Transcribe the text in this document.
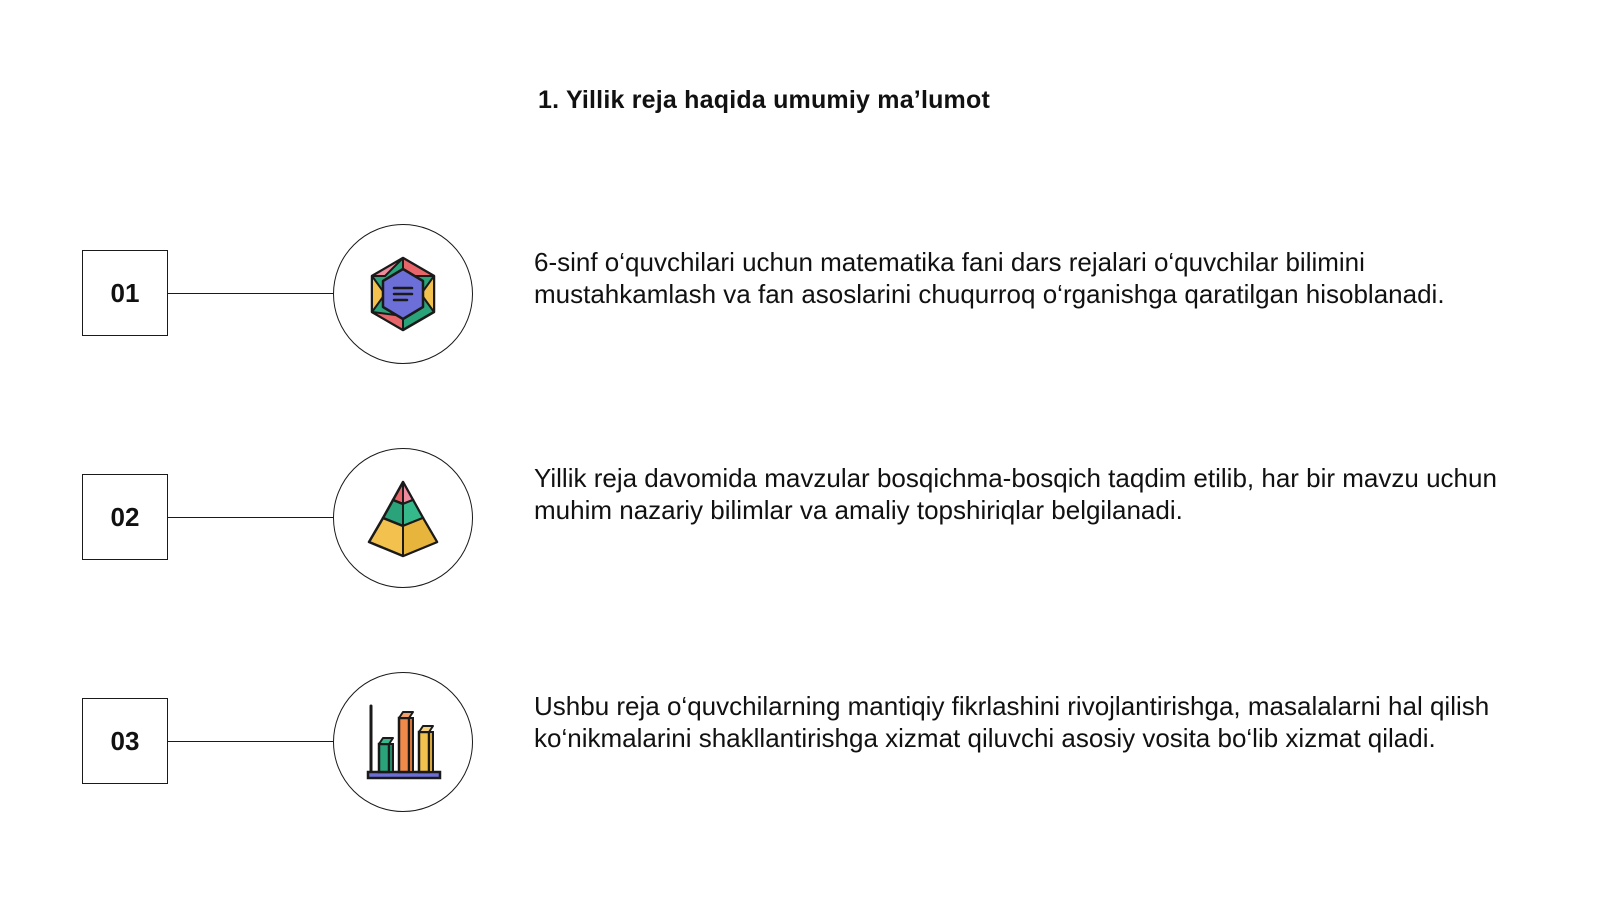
1. Yillik reja haqida umumiy ma’lumot
01
6-sinf o‘quvchilari uchun matematika fani dars rejalari o‘quvchilar bilimini mustahkamlash va fan asoslarini chuqurroq o‘rganishga qaratilgan hisoblanadi.
02
Yillik reja davomida mavzular bosqichma-bosqich taqdim etilib, har bir mavzu uchun muhim nazariy bilimlar va amaliy topshiriqlar belgilanadi.
03
Ushbu reja o‘quvchilarning mantiqiy fikrlashini rivojlantirishga, masalalarni hal qilish ko‘nikmalarini shakllantirishga xizmat qiluvchi asosiy vosita bo‘lib xizmat qiladi.
